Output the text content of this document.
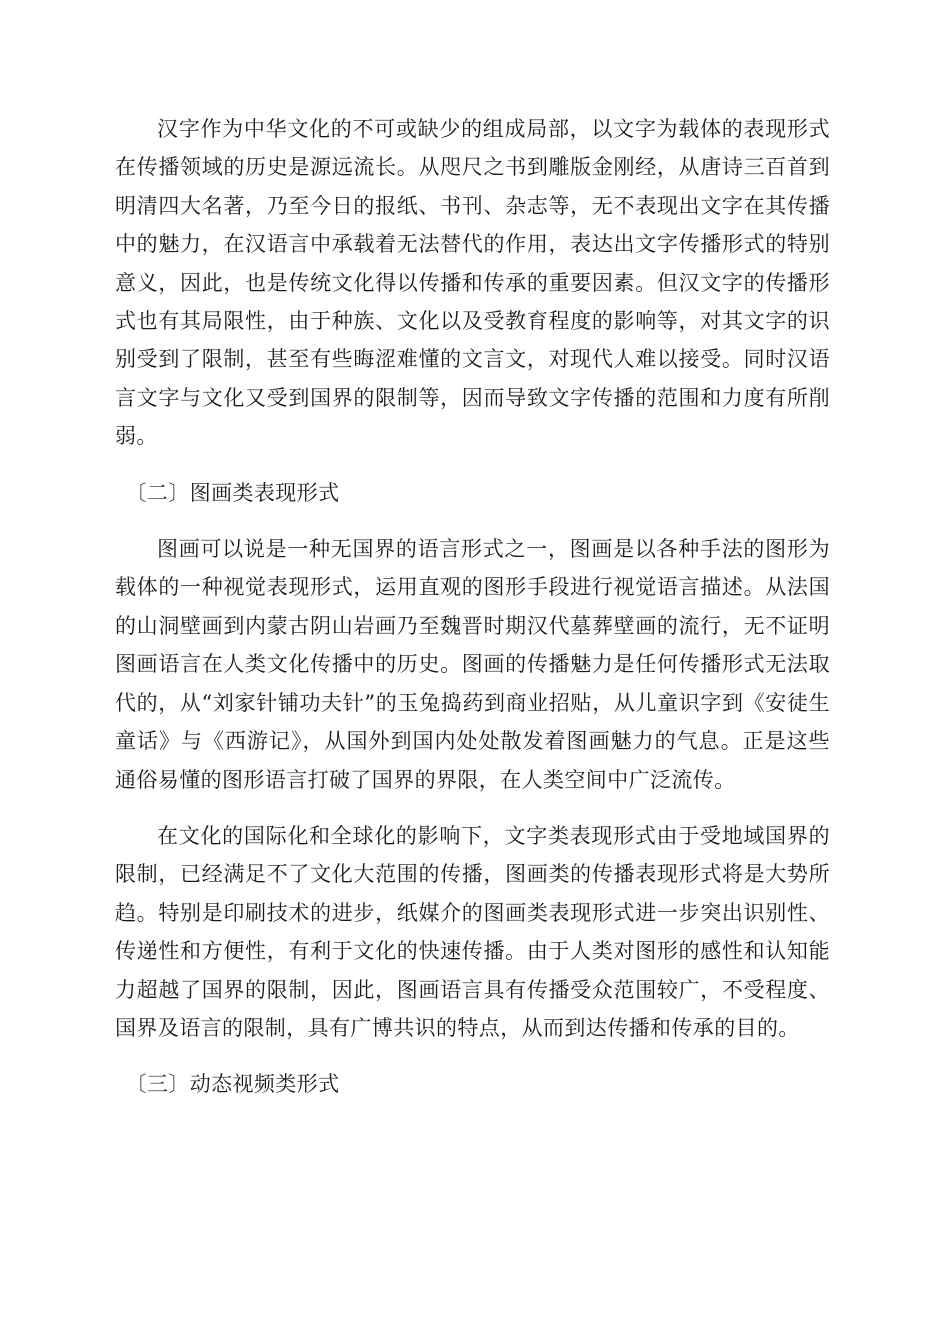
汉字作为中华文化的不可或缺少的组成局部，以文字为载体的表现形式在传播领域的历史是源远流长。从咫尺之书到雕版金刚经，从唐诗三百首到明清四大名著，乃至今日的报纸、书刊、杂志等，无不表现出文字在其传播中的魅力，在汉语言中承载着无法替代的作用，表达出文字传播形式的特别意义，因此，也是传统文化得以传播和传承的重要因素。但汉文字的传播形式也有其局限性，由于种族、文化以及受教育程度的影响等，对其文字的识别受到了限制，甚至有些晦涩难懂的文言文，对现代人难以接受。同时汉语言文字与文化又受到国界的限制等，因而导致文字传播的范围和力度有所削弱。

〔二〕图画类表现形式

图画可以说是一种无国界的语言形式之一，图画是以各种手法的图形为载体的一种视觉表现形式，运用直观的图形手段进行视觉语言描述。从法国的山洞壁画到内蒙古阴山岩画乃至魏晋时期汉代墓葬壁画的流行，无不证明图画语言在人类文化传播中的历史。图画的传播魅力是任何传播形式无法取代的，从“刘家针铺功夫针”的玉兔捣药到商业招贴，从儿童识字到《安徒生童话》与《西游记》，从国外到国内处处散发着图画魅力的气息。正是这些通俗易懂的图形语言打破了国界的界限，在人类空间中广泛流传。

在文化的国际化和全球化的影响下，文字类表现形式由于受地域国界的限制，已经满足不了文化大范围的传播，图画类的传播表现形式将是大势所趋。特别是印刷技术的进步，纸媒介的图画类表现形式进一步突出识别性、传递性和方便性，有利于文化的快速传播。由于人类对图形的感性和认知能力超越了国界的限制，因此，图画语言具有传播受众范围较广，不受程度、国界及语言的限制，具有广博共识的特点，从而到达传播和传承的目的。

〔三〕动态视频类形式
